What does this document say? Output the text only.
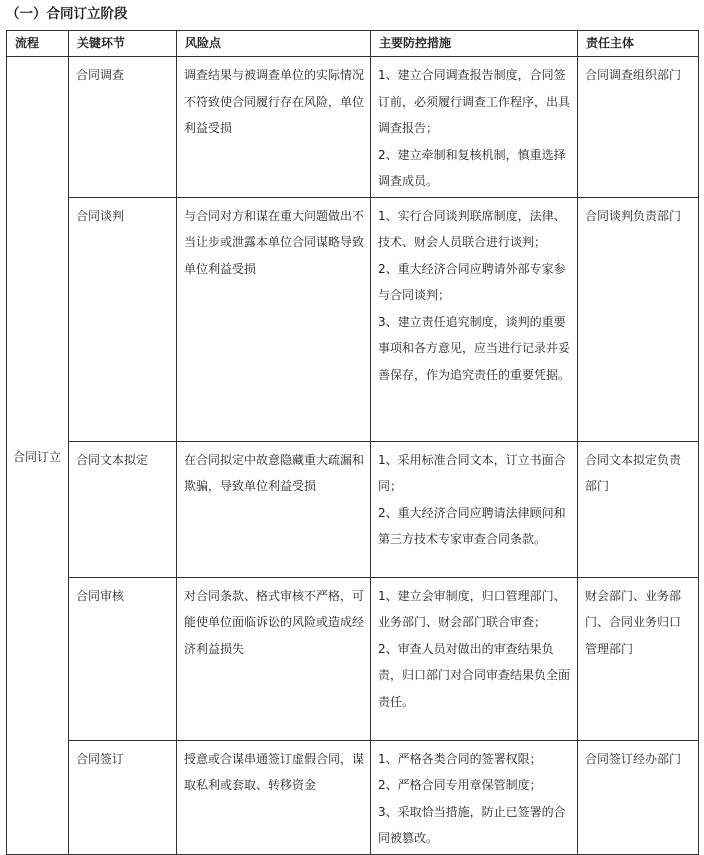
（一）合同订立阶段
流程	关键环节	风险点	主要防控措施	责任主体
合同订立	合同调查	调查结果与被调查单位的实际情况不符致使合同履行存在风险，单位利益受损	1、建立合同调查报告制度，合同签订前，必须履行调查工作程序，出具调查报告；
2、建立牵制和复核机制，慎重选择调查成员。	合同调查组织部门
	合同谈判	与合同对方和谋在重大问题做出不当让步或泄露本单位合同谋略导致单位利益受损	1、实行合同谈判联席制度，法律、技术、财会人员联合进行谈判；
2、重大经济合同应聘请外部专家参与合同谈判；
3、建立责任追究制度，谈判的重要事项和各方意见，应当进行记录并妥善保存，作为追究责任的重要凭据。	合同谈判负责部门
	合同文本拟定	在合同拟定中故意隐藏重大疏漏和欺骗，导致单位利益受损	1、采用标准合同文本，订立书面合同；
2、重大经济合同应聘请法律顾问和第三方技术专家审查合同条款。	合同文本拟定负责部门
	合同审核	对合同条款、格式审核不严格，可能使单位面临诉讼的风险或造成经济利益损失	1、建立会审制度，归口管理部门、业务部门、财会部门联合审查；
2、审查人员对做出的审查结果负责，归口部门对合同审查结果负全面责任。	财会部门、业务部门、合同业务归口管理部门
	合同签订	授意或合谋串通签订虚假合同，谋取私利或套取、转移资金	1、严格各类合同的签署权限；
2、严格合同专用章保管制度；
3、采取恰当措施，防止已签署的合同被篡改。	合同签订经办部门
